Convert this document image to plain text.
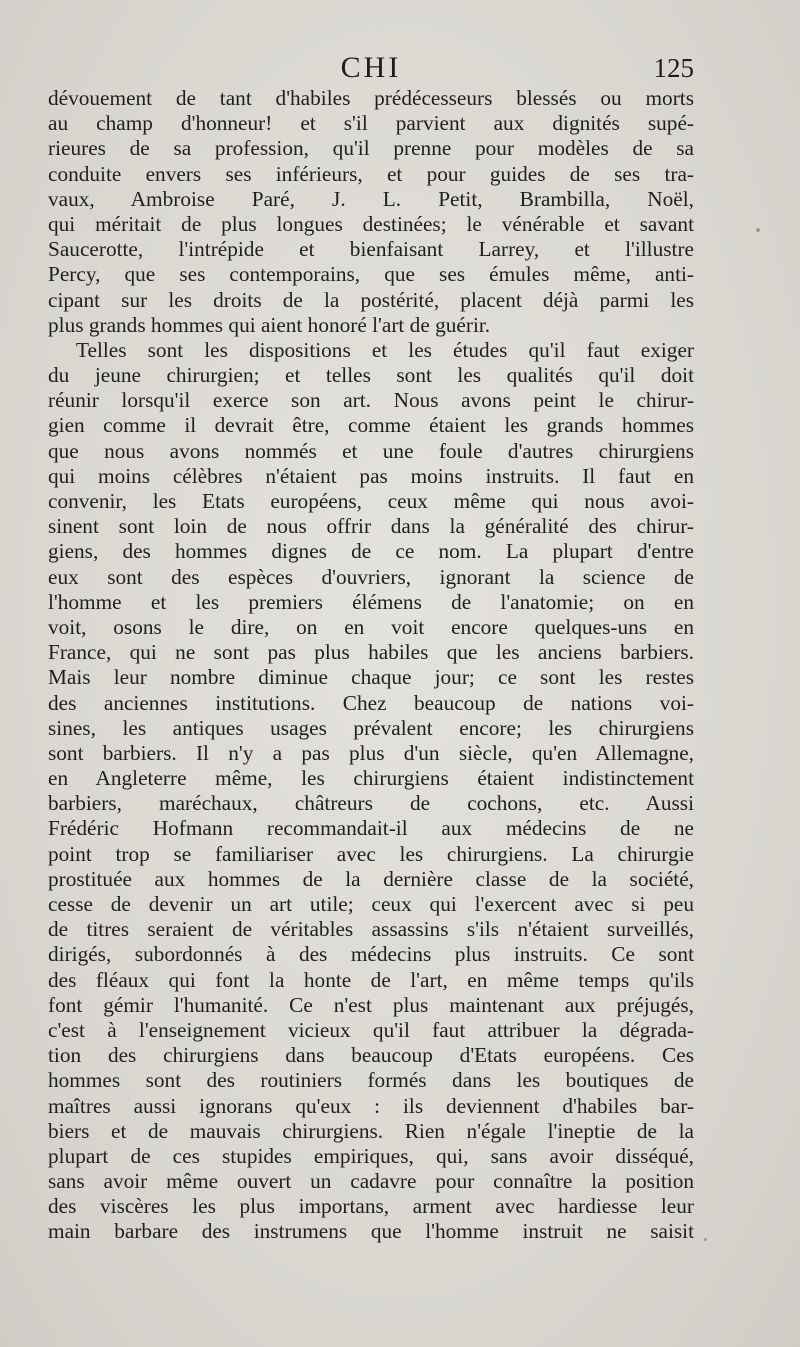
CHI	125
dévouement de tant d'habiles prédécesseurs blessés ou morts
au champ d'honneur! et s'il parvient aux dignités supé-
rieures de sa profession, qu'il prenne pour modèles de sa
conduite envers ses inférieurs, et pour guides de ses tra-
vaux, Ambroise Paré, J. L. Petit, Brambilla, Noël,
qui méritait de plus longues destinées; le vénérable et savant
Saucerotte, l'intrépide et bienfaisant Larrey, et l'illustre
Percy, que ses contemporains, que ses émules même, anti-
cipant sur les droits de la postérité, placent déjà parmi les
plus grands hommes qui aient honoré l'art de guérir.
Telles sont les dispositions et les études qu'il faut exiger
du jeune chirurgien; et telles sont les qualités qu'il doit
réunir lorsqu'il exerce son art. Nous avons peint le chirur-
gien comme il devrait être, comme étaient les grands hommes
que nous avons nommés et une foule d'autres chirurgiens
qui moins célèbres n'étaient pas moins instruits. Il faut en
convenir, les Etats européens, ceux même qui nous avoi-
sinent sont loin de nous offrir dans la généralité des chirur-
giens, des hommes dignes de ce nom. La plupart d'entre
eux sont des espèces d'ouvriers, ignorant la science de
l'homme et les premiers élémens de l'anatomie; on en
voit, osons le dire, on en voit encore quelques-uns en
France, qui ne sont pas plus habiles que les anciens barbiers.
Mais leur nombre diminue chaque jour; ce sont les restes
des anciennes institutions. Chez beaucoup de nations voi-
sines, les antiques usages prévalent encore; les chirurgiens
sont barbiers. Il n'y a pas plus d'un siècle, qu'en Allemagne,
en Angleterre même, les chirurgiens étaient indistinctement
barbiers, maréchaux, châtreurs de cochons, etc. Aussi
Frédéric Hofmann recommandait-il aux médecins de ne
point trop se familiariser avec les chirurgiens. La chirurgie
prostituée aux hommes de la dernière classe de la société,
cesse de devenir un art utile; ceux qui l'exercent avec si peu
de titres seraient de véritables assassins s'ils n'étaient surveillés,
dirigés, subordonnés à des médecins plus instruits. Ce sont
des fléaux qui font la honte de l'art, en même temps qu'ils
font gémir l'humanité. Ce n'est plus maintenant aux préjugés,
c'est à l'enseignement vicieux qu'il faut attribuer la dégrada-
tion des chirurgiens dans beaucoup d'Etats européens. Ces
hommes sont des routiniers formés dans les boutiques de
maîtres aussi ignorans qu'eux : ils deviennent d'habiles bar-
biers et de mauvais chirurgiens. Rien n'égale l'ineptie de la
plupart de ces stupides empiriques, qui, sans avoir disséqué,
sans avoir même ouvert un cadavre pour connaître la position
des viscères les plus importans, arment avec hardiesse leur
main barbare des instrumens que l'homme instruit ne saisit
